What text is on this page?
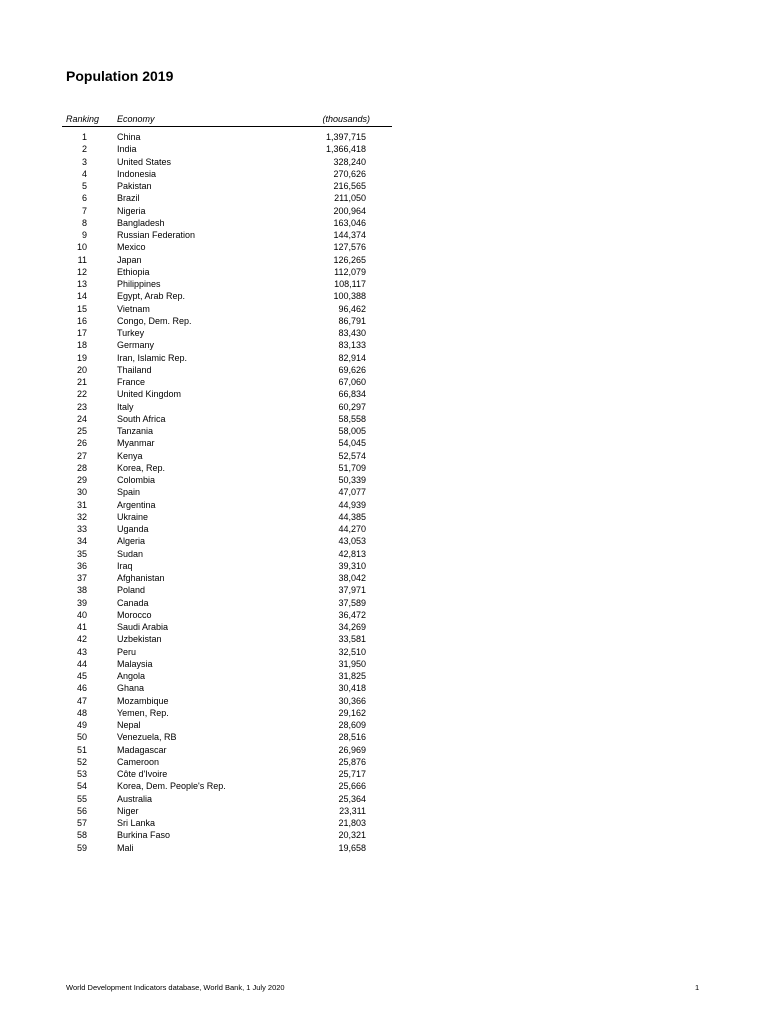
Population 2019
Ranking Economy	(thousands)
1	China	1,397,715
2	India	1,366,418
3	United States	328,240
4	Indonesia	270,626
5	Pakistan	216,565
6	Brazil	211,050
7	Nigeria	200,964
8	Bangladesh	163,046
9	Russian Federation	144,374
10	Mexico	127,576
11	Japan	126,265
12	Ethiopia	112,079
13	Philippines	108,117
14	Egypt, Arab Rep.	100,388
15	Vietnam	96,462
16	Congo, Dem. Rep.	86,791
17	Turkey	83,430
18	Germany	83,133
19	Iran, Islamic Rep.	82,914
20	Thailand	69,626
21	France	67,060
22	United Kingdom	66,834
23	Italy	60,297
24	South Africa	58,558
25	Tanzania	58,005
26	Myanmar	54,045
27	Kenya	52,574
28	Korea, Rep.	51,709
29	Colombia	50,339
30	Spain	47,077
31	Argentina	44,939
32	Ukraine	44,385
33	Uganda	44,270
34	Algeria	43,053
35	Sudan	42,813
36	Iraq	39,310
37	Afghanistan	38,042
38	Poland	37,971
39	Canada	37,589
40	Morocco	36,472
41	Saudi Arabia	34,269
42	Uzbekistan	33,581
43	Peru	32,510
44	Malaysia	31,950
45	Angola	31,825
46	Ghana	30,418
47	Mozambique	30,366
48	Yemen, Rep.	29,162
49	Nepal	28,609
50	Venezuela, RB	28,516
51	Madagascar	26,969
52	Cameroon	25,876
53	Côte d'Ivoire	25,717
54	Korea, Dem. People's Rep.	25,666
55	Australia	25,364
56	Niger	23,311
57	Sri Lanka	21,803
58	Burkina Faso	20,321
59	Mali	19,658
World Development Indicators database, World Bank, 1 July 2020	1
